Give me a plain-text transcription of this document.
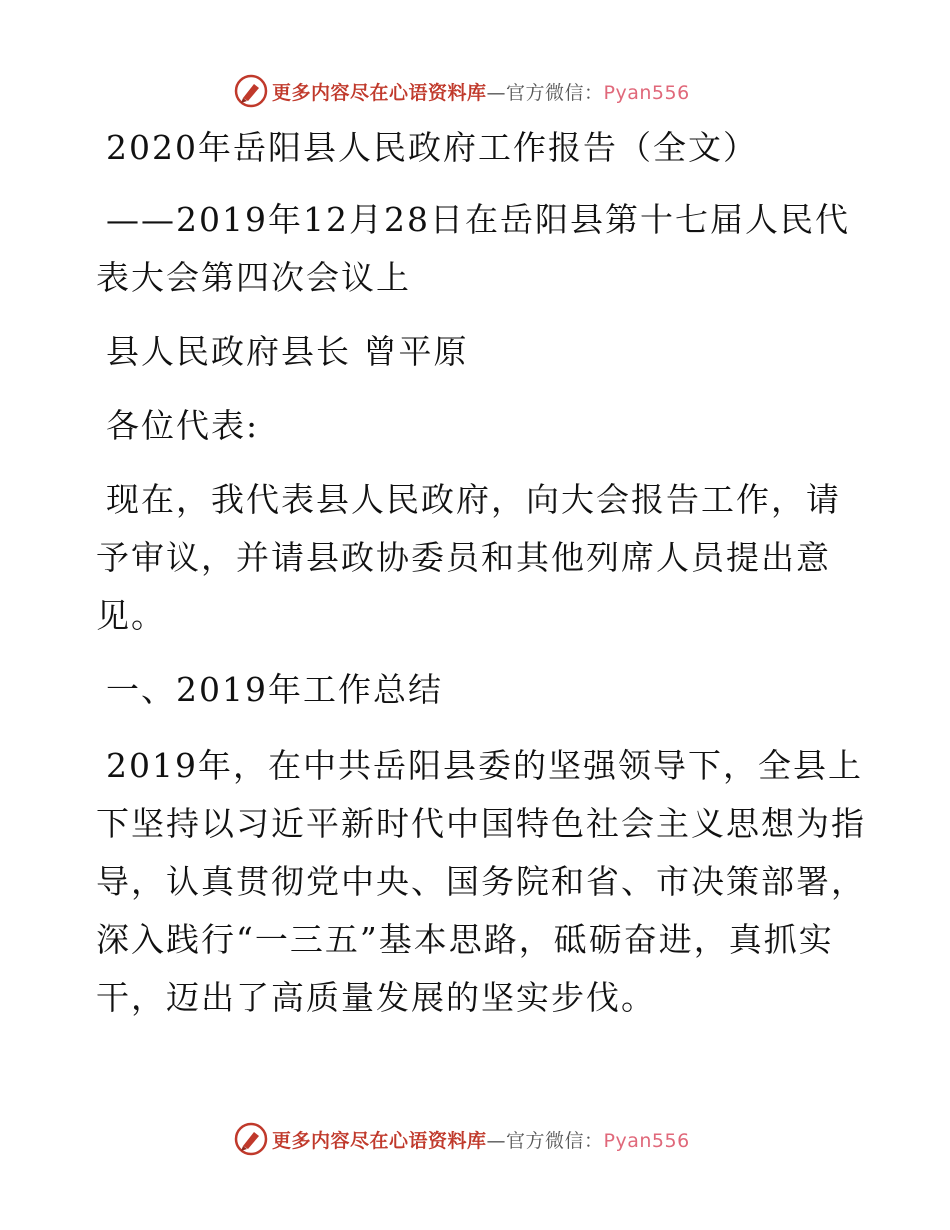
更多内容尽在心语资料库—官方微信：Pyan556
2020年岳阳县人民政府工作报告（全文）
——2019年12月28日在岳阳县第十七届人民代
表大会第四次会议上
县人民政府县长 曾平原
各位代表:
现在，我代表县人民政府，向大会报告工作，请
予审议，并请县政协委员和其他列席人员提出意
见。
一、2019年工作总结
2019年，在中共岳阳县委的坚强领导下，全县上
下坚持以习近平新时代中国特色社会主义思想为指
导，认真贯彻党中央、国务院和省、市决策部署，
深入践行“一三五”基本思路，砥砺奋进，真抓实
干，迈出了高质量发展的坚实步伐。
更多内容尽在心语资料库—官方微信：Pyan556
